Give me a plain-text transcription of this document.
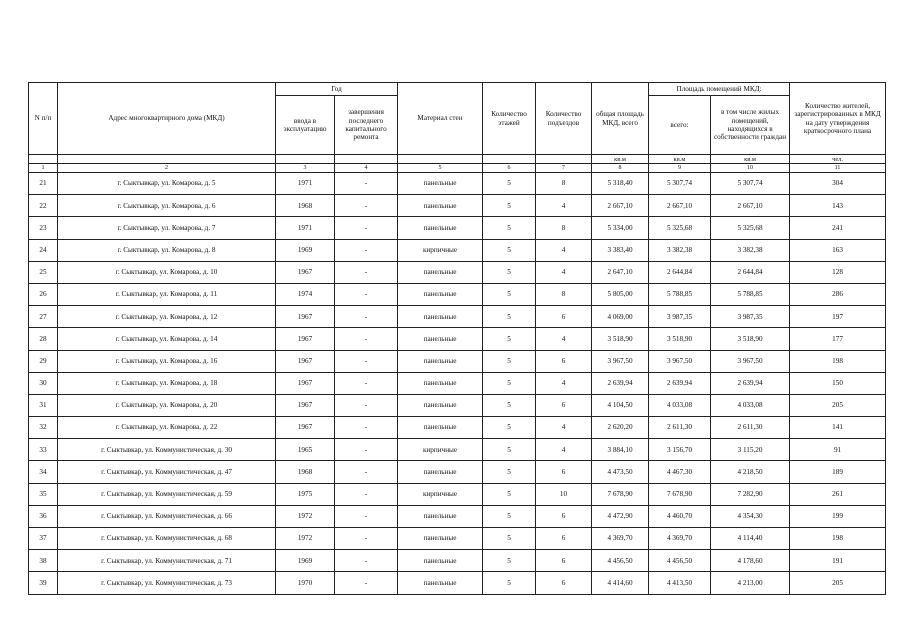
N п/п	Адрес многоквартирного дома (МКД)	Год		Материал стен	Количество этажей	Количество подъездов	общая площадь МКД, всего	Площадь помещений МКД:		Количество жителей, зарегистрированных в МКД на дату утверждения краткосрочного плана
		ввода в эксплуатацию	завершения последнего капитального ремонта					всего:	в том числе жилых помещений, находящихся в собственности граждан	
							кв.м	кв.м	кв.м	чел.
1	2	3	4	5	6	7	8	9	10	11
21	г. Сыктывкар, ул. Комарова, д. 5	1971	-	панельные	5	8	5 318,40	5 307,74	5 307,74	304
22	г. Сыктывкар, ул. Комарова, д. 6	1968	-	панельные	5	4	2 667,10	2 667,10	2 667,10	143
23	г. Сыктывкар, ул. Комарова, д. 7	1971	-	панельные	5	8	5 334,00	5 325,68	5 325,68	241
24	г. Сыктывкар, ул. Комарова, д. 8	1969	-	кирпичные	5	4	3 383,40	3 382,38	3 382,38	163
25	г. Сыктывкар, ул. Комарова, д. 10	1967	-	панельные	5	4	2 647,10	2 644,84	2 644,84	128
26	г. Сыктывкар, ул. Комарова, д. 11	1974	-	панельные	5	8	5 805,00	5 788,85	5 788,85	286
27	г. Сыктывкар, ул. Комарова, д. 12	1967	-	панельные	5	6	4 069,00	3 987,35	3 987,35	197
28	г. Сыктывкар, ул. Комарова, д. 14	1967	-	панельные	5	4	3 518,90	3 518,90	3 518,90	177
29	г. Сыктывкар, ул. Комарова, д. 16	1967	-	панельные	5	6	3 967,50	3 967,50	3 967,50	198
30	г. Сыктывкар, ул. Комарова, д. 18	1967	-	панельные	5	4	2 639,94	2 639,94	2 639,94	150
31	г. Сыктывкар, ул. Комарова, д. 20	1967	-	панельные	5	6	4 104,50	4 033,08	4 033,08	205
32	г. Сыктывкар, ул. Комарова, д. 22	1967	-	панельные	5	4	2 620,20	2 611,30	2 611,30	141
33	г. Сыктывкар, ул. Коммунистическая, д. 30	1965	-	кирпичные	5	4	3 884,10	3 156,70	3 115,20	91
34	г. Сыктывкар, ул. Коммунистическая, д. 47	1968	-	панельные	5	6	4 473,50	4 467,30	4 218,50	189
35	г. Сыктывкар, ул. Коммунистическая, д. 59	1975	-	кирпичные	5	10	7 678,90	7 678,90	7 282,90	261
36	г. Сыктывкар, ул. Коммунистическая, д. 66	1972	-	панельные	5	6	4 472,90	4 460,70	4 354,30	199
37	г. Сыктывкар, ул. Коммунистическая, д. 68	1972	-	панельные	5	6	4 369,70	4 369,70	4 114,40	198
38	г. Сыктывкар, ул. Коммунистическая, д. 71	1969	-	панельные	5	6	4 456,50	4 456,50	4 178,60	191
39	г. Сыктывкар, ул. Коммунистическая, д. 73	1970	-	панельные	5	6	4 414,60	4 413,50	4 213,00	205
